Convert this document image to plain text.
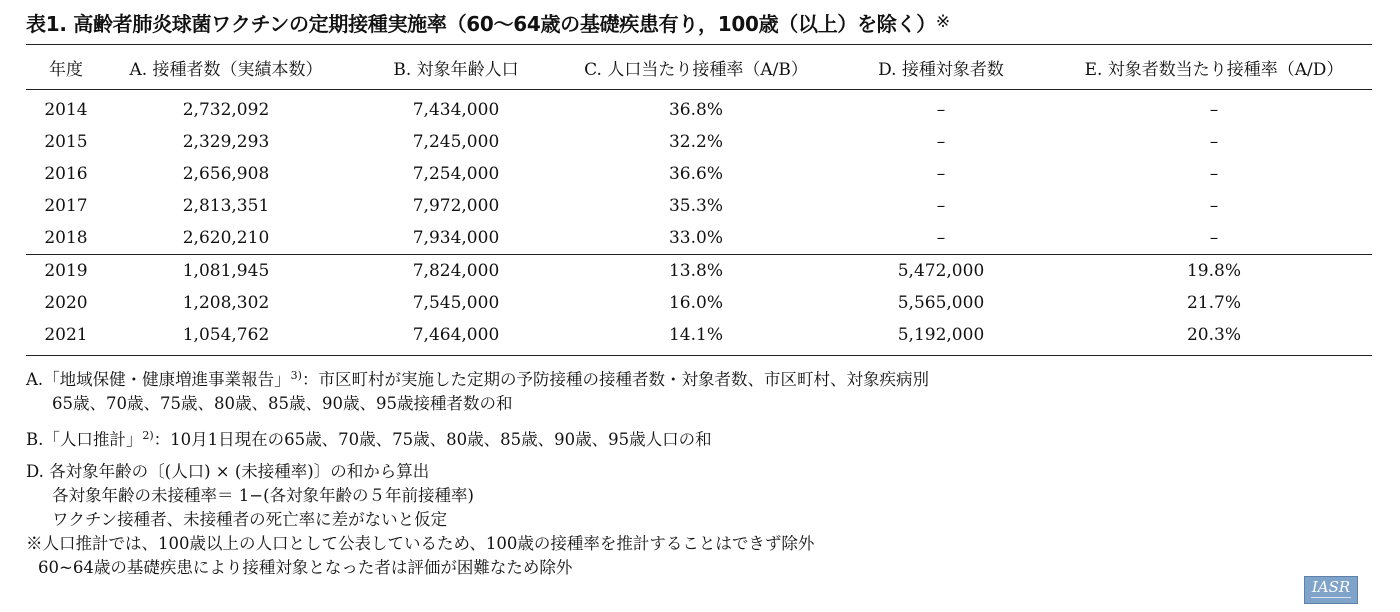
表1. 高齢者肺炎球菌ワクチンの定期接種実施率（60〜64歳の基礎疾患有り，100歳（以上）を除く）※
年度	A. 接種者数（実績本数）	B. 対象年齢人口	C. 人口当たり接種率（A/B）	D. 接種対象者数	E. 対象者数当たり接種率（A/D）
2014	2,732,092	7,434,000	36.8%	–	–
2015	2,329,293	7,245,000	32.2%	–	–
2016	2,656,908	7,254,000	36.6%	–	–
2017	2,813,351	7,972,000	35.3%	–	–
2018	2,620,210	7,934,000	33.0%	–	–
2019	1,081,945	7,824,000	13.8%	5,472,000	19.8%
2020	1,208,302	7,545,000	16.0%	5,565,000	21.7%
2021	1,054,762	7,464,000	14.1%	5,192,000	20.3%
A.「地域保健・健康増進事業報告」$^{3)}$：市区町村が実施した定期の予防接種の接種者数・対象者数、市区町村、対象疾病別
65歳、70歳、75歳、80歳、85歳、90歳、95歳接種者数の和
B.「人口推計」$^{2)}$：10月1日現在の65歳、70歳、75歳、80歳、85歳、90歳、95歳人口の和
D. 各対象年齢の〔(人口) × (未接種率)〕の和から算出
各対象年齢の未接種率＝ 1−(各対象年齢の５年前接種率)
ワクチン接種者、未接種者の死亡率に差がないと仮定
※人口推計では、100歳以上の人口として公表しているため、100歳の接種率を推計することはできず除外
60~64歳の基礎疾患により接種対象となった者は評価が困難なため除外
IASR
